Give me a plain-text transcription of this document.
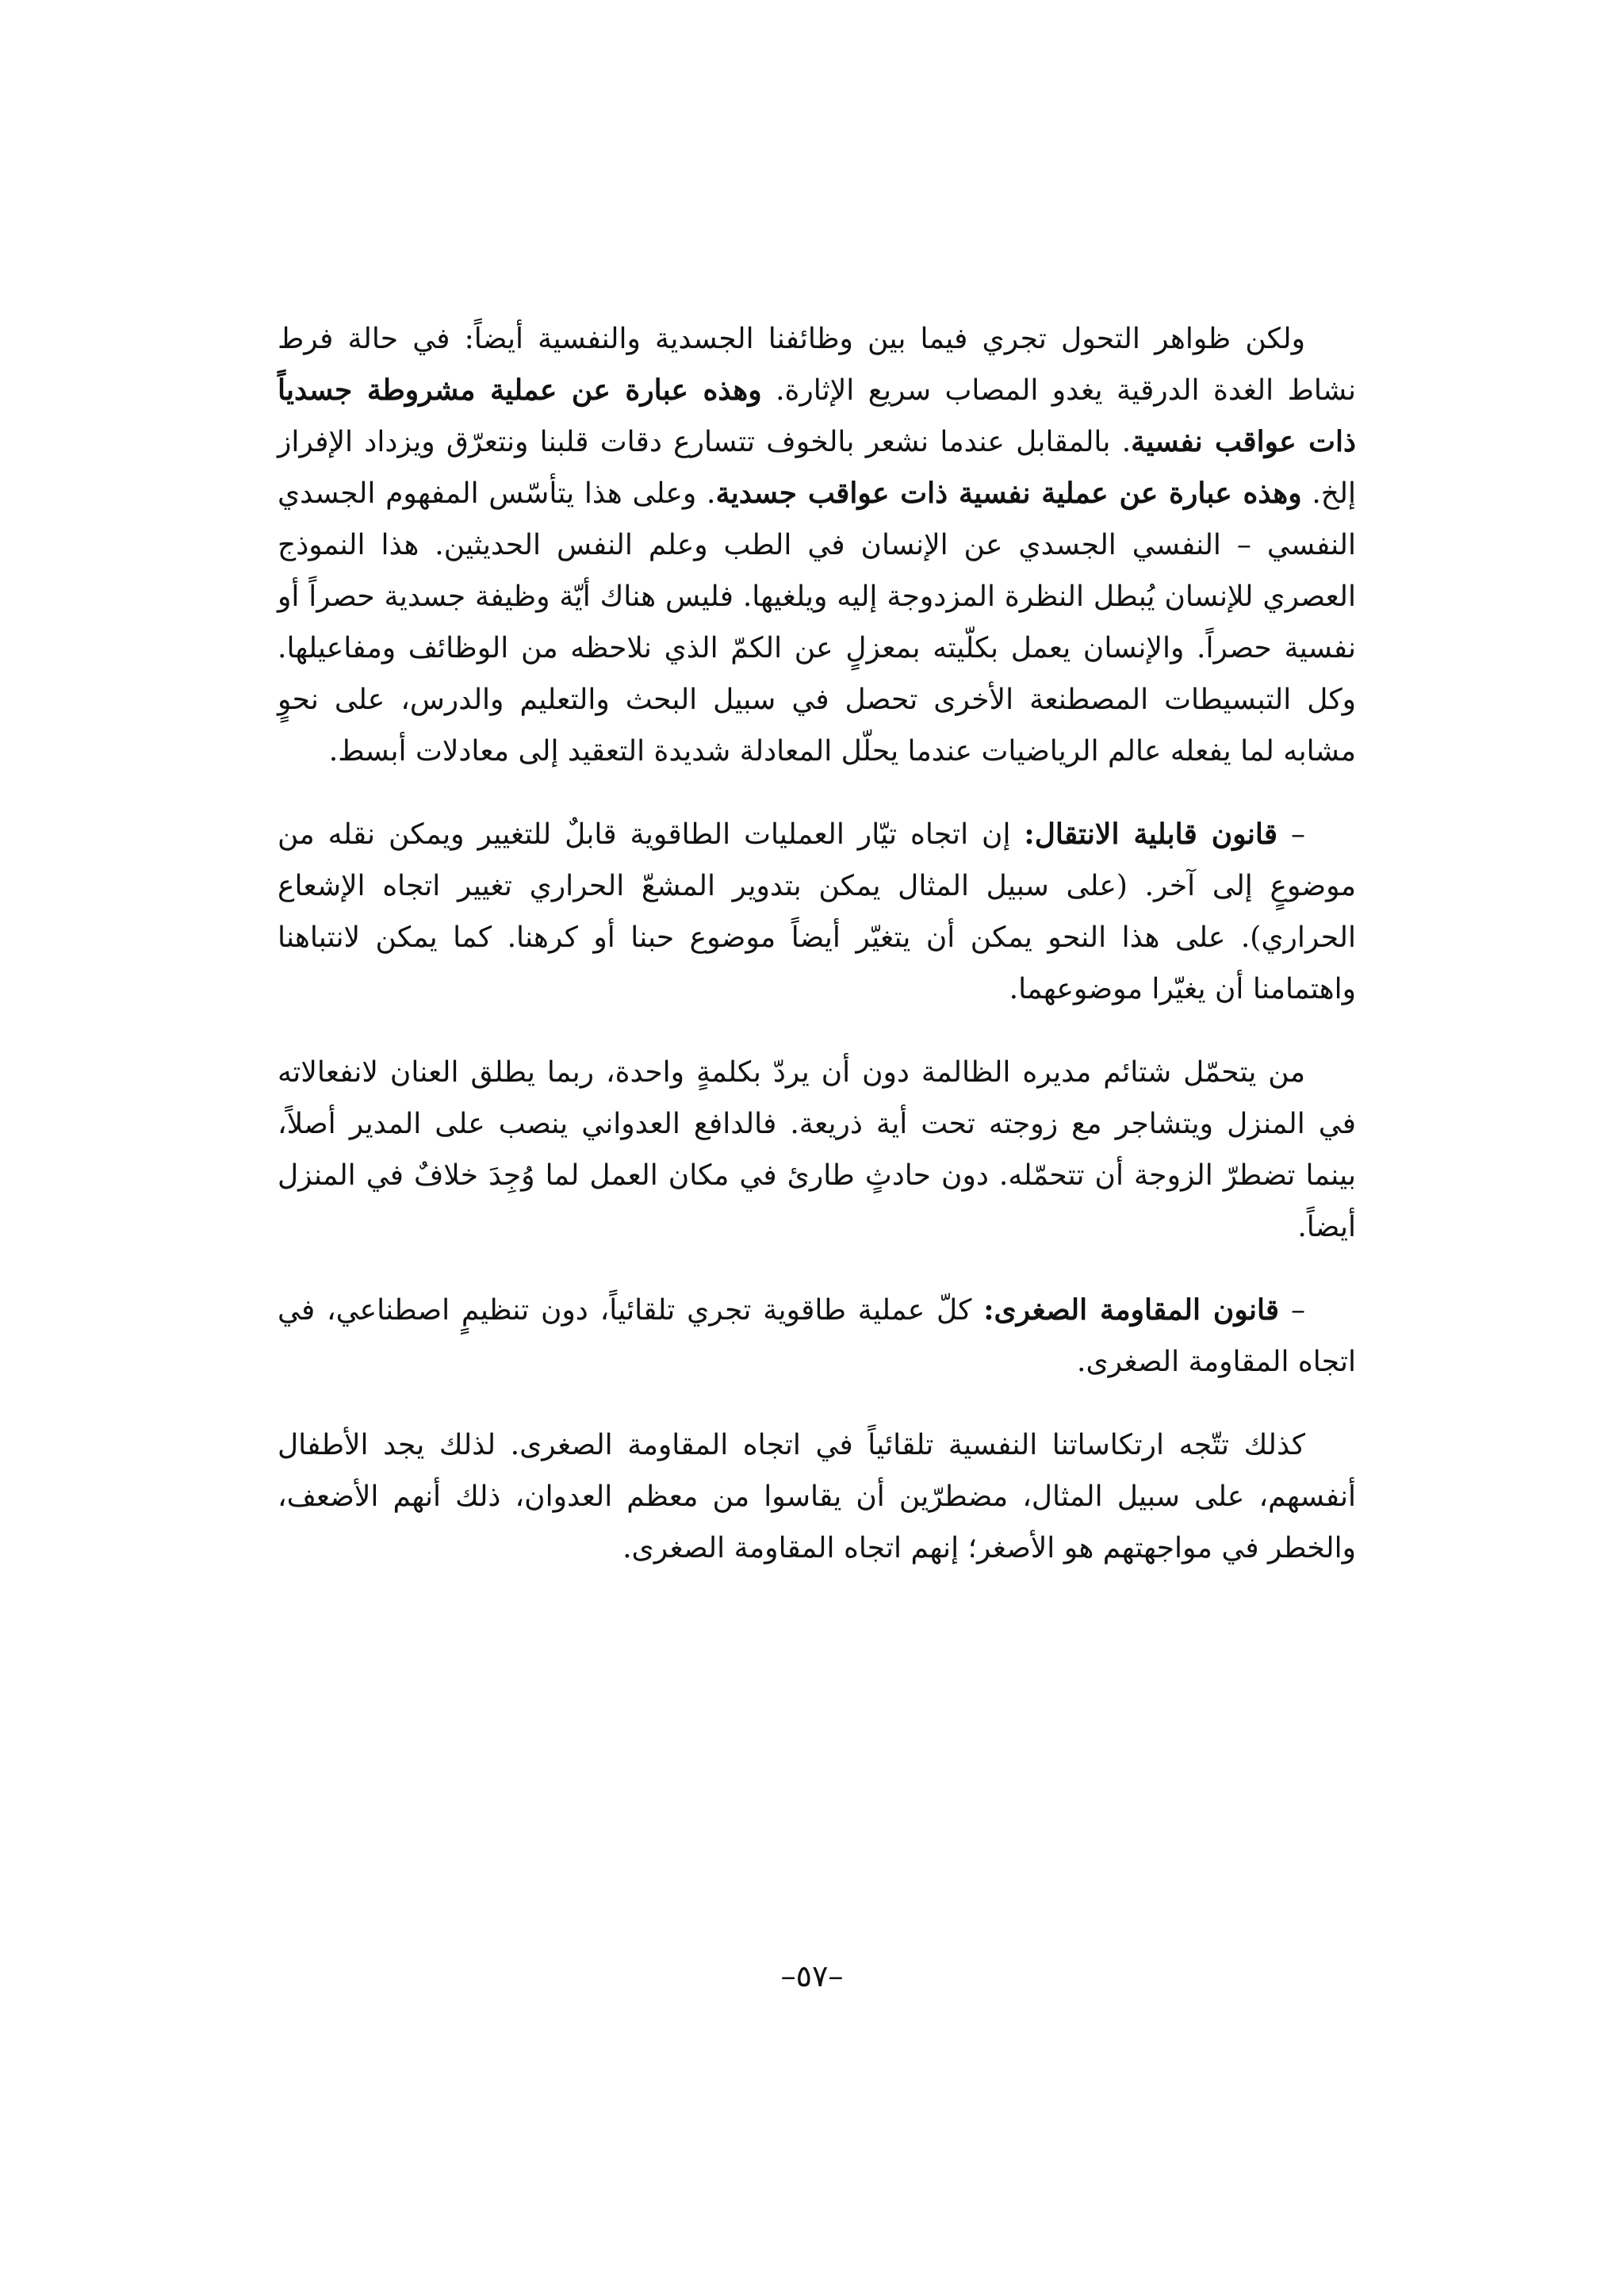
ولكن ظواهر التحول تجري فيما بين وظائفنا الجسدية والنفسية أيضاً: في حالة فرط نشاط الغدة الدرقية يغدو المصاب سريع الإثارة. وهذه عبارة عن عملية مشروطة جسدياً ذات عواقب نفسية. بالمقابل عندما نشعر بالخوف تتسارع دقات قلبنا ونتعرّق ويزداد الإفراز إلخ. وهذه عبارة عن عملية نفسية ذات عواقب جسدية. وعلى هذا يتأسّس المفهوم الجسدي النفسي – النفسي الجسدي عن الإنسان في الطب وعلم النفس الحديثين. هذا النموذج العصري للإنسان يُبطل النظرة المزدوجة إليه ويلغيها. فليس هناك أيّة وظيفة جسدية حصراً أو نفسية حصراً. والإنسان يعمل بكلّيته بمعزلٍ عن الكمّ الذي نلاحظه من الوظائف ومفاعيلها. وكل التبسيطات المصطنعة الأخرى تحصل في سبيل البحث والتعليم والدرس، على نحوٍ مشابه لما يفعله عالم الرياضيات عندما يحلّل المعادلة شديدة التعقيد إلى معادلات أبسط.

– قانون قابلية الانتقال: إن اتجاه تيّار العمليات الطاقوية قابلٌ للتغيير ويمكن نقله من موضوعٍ إلى آخر. (على سبيل المثال يمكن بتدوير المشعّ الحراري تغيير اتجاه الإشعاع الحراري). على هذا النحو يمكن أن يتغيّر أيضاً موضوع حبنا أو كرهنا. كما يمكن لانتباهنا واهتمامنا أن يغيّرا موضوعهما.

من يتحمّل شتائم مديره الظالمة دون أن يردّ بكلمةٍ واحدة، ربما يطلق العنان لانفعالاته في المنزل ويتشاجر مع زوجته تحت أية ذريعة. فالدافع العدواني ينصب على المدير أصلاً، بينما تضطرّ الزوجة أن تتحمّله. دون حادثٍ طارئ في مكان العمل لما وُجِدَ خلافٌ في المنزل أيضاً.

– قانون المقاومة الصغرى: كلّ عملية طاقوية تجري تلقائياً، دون تنظيمٍ اصطناعي، في اتجاه المقاومة الصغرى.

كذلك تتّجه ارتكاساتنا النفسية تلقائياً في اتجاه المقاومة الصغرى. لذلك يجد الأطفال أنفسهم، على سبيل المثال، مضطرّين أن يقاسوا من معظم العدوان، ذلك أنهم الأضعف، والخطر في مواجهتهم هو الأصغر؛ إنهم اتجاه المقاومة الصغرى.

–٥٧–
